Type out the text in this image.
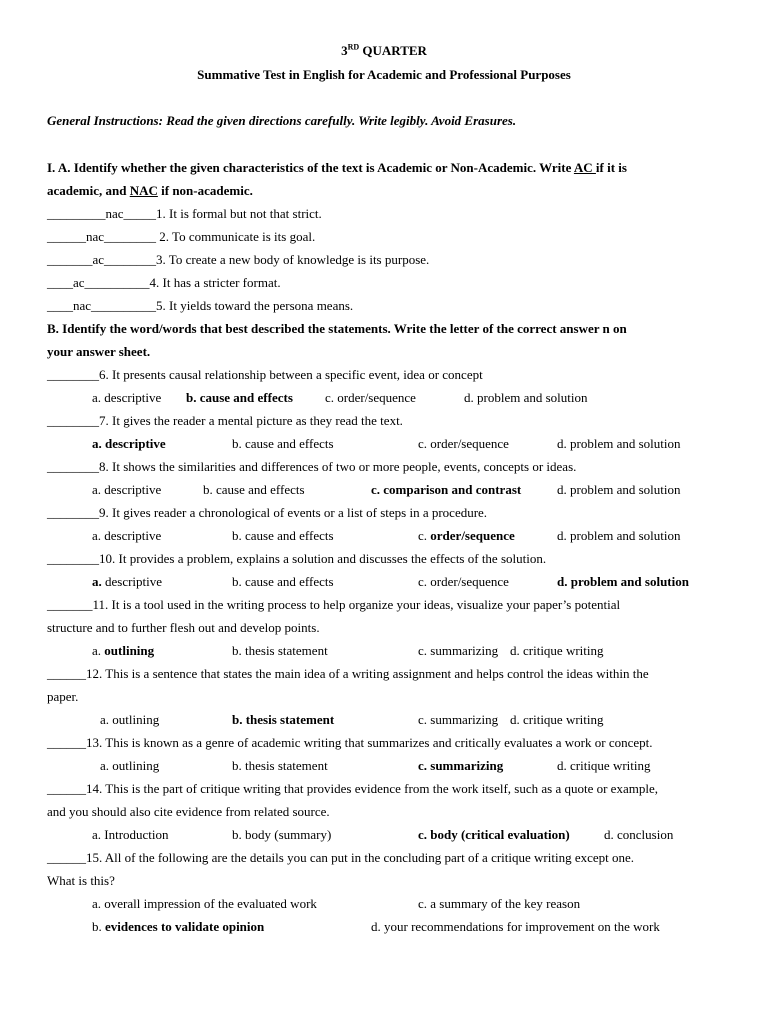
3RD QUARTER
Summative Test in English for Academic and Professional Purposes
General Instructions: Read the given directions carefully. Write legibly. Avoid Erasures.
I. A. Identify whether the given characteristics of the text is Academic or Non-Academic. Write AC if it is
academic, and NAC if non-academic.
_________nac_____1. It is formal but not that strict.
______nac________ 2. To communicate is its goal.
_______ac________3. To create a new body of knowledge is its purpose.
____ac__________4. It has a stricter format.
____nac__________5. It yields toward the persona means.
B. Identify the word/words that best described the statements. Write the letter of the correct answer n on
your answer sheet.
________6. It presents causal relationship between a specific event, idea or concept
a. descriptive b. cause and effects c. order/sequence	d. problem and solution
________7. It gives the reader a mental picture as they read the text.
a. descriptive	b. cause and effects	c. order/sequence	d. problem and solution
________8. It shows the similarities and differences of two or more people, events, concepts or ideas.
a. descriptive	b. cause and effects	c. comparison and contrast	d. problem and solution
________9. It gives reader a chronological of events or a list of steps in a procedure.
a. descriptive	b. cause and effects	c. order/sequence	d. problem and solution
________10. It provides a problem, explains a solution and discusses the effects of the solution.
a. descriptive	b. cause and effects	c. order/sequence	d. problem and solution
_______11. It is a tool used in the writing process to help organize your ideas, visualize your paper’s potential
structure and to further flesh out and develop points.
a. outlining	b. thesis statement	c. summarizing d. critique writing
______12. This is a sentence that states the main idea of a writing assignment and helps control the ideas within the
paper.
a. outlining	b. thesis statement	c. summarizing d. critique writing
______13. This is known as a genre of academic writing that summarizes and critically evaluates a work or concept.
a. outlining	b. thesis statement	c. summarizing	d. critique writing
______14. This is the part of critique writing that provides evidence from the work itself, such as a quote or example,
and you should also cite evidence from related source.
a. Introduction	b. body (summary)	c. body (critical evaluation)	d. conclusion
______15. All of the following are the details you can put in the concluding part of a critique writing except one.
What is this?
a. overall impression of the evaluated work	c. a summary of the key reason
b. evidences to validate opinion	d. your recommendations for improvement on the work
